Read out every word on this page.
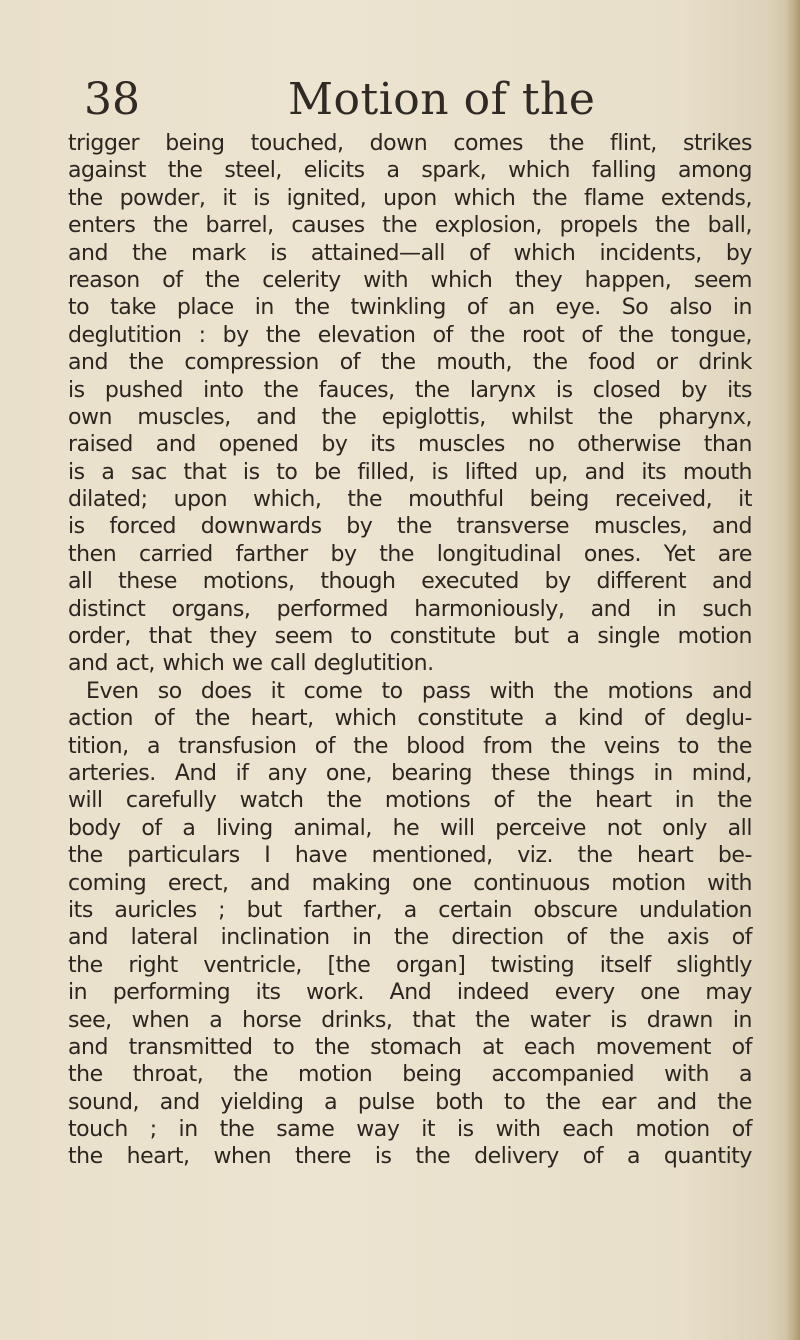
38	Motion of the
trigger being touched, down comes the flint, strikes
against the steel, elicits a spark, which falling among
the powder, it is ignited, upon which the flame extends,
enters the barrel, causes the explosion, propels the ball,
and the mark is attained—all of which incidents, by
reason of the celerity with which they happen, seem
to take place in the twinkling of an eye. So also in
deglutition : by the elevation of the root of the tongue,
and the compression of the mouth, the food or drink
is pushed into the fauces, the larynx is closed by its
own muscles, and the epiglottis, whilst the pharynx,
raised and opened by its muscles no otherwise than
is a sac that is to be filled, is lifted up, and its mouth
dilated; upon which, the mouthful being received, it
is forced downwards by the transverse muscles, and
then carried farther by the longitudinal ones. Yet are
all these motions, though executed by different and
distinct organs, performed harmoniously, and in such
order, that they seem to constitute but a single motion
and act, which we call deglutition.
Even so does it come to pass with the motions and
action of the heart, which constitute a kind of deglu-
tition, a transfusion of the blood from the veins to the
arteries. And if any one, bearing these things in mind,
will carefully watch the motions of the heart in the
body of a living animal, he will perceive not only all
the particulars I have mentioned, viz. the heart be-
coming erect, and making one continuous motion with
its auricles ; but farther, a certain obscure undulation
and lateral inclination in the direction of the axis of
the right ventricle, [the organ] twisting itself slightly
in performing its work. And indeed every one may
see, when a horse drinks, that the water is drawn in
and transmitted to the stomach at each movement of
the throat, the motion being accompanied with a
sound, and yielding a pulse both to the ear and the
touch ; in the same way it is with each motion of
the heart, when there is the delivery of a quantity
